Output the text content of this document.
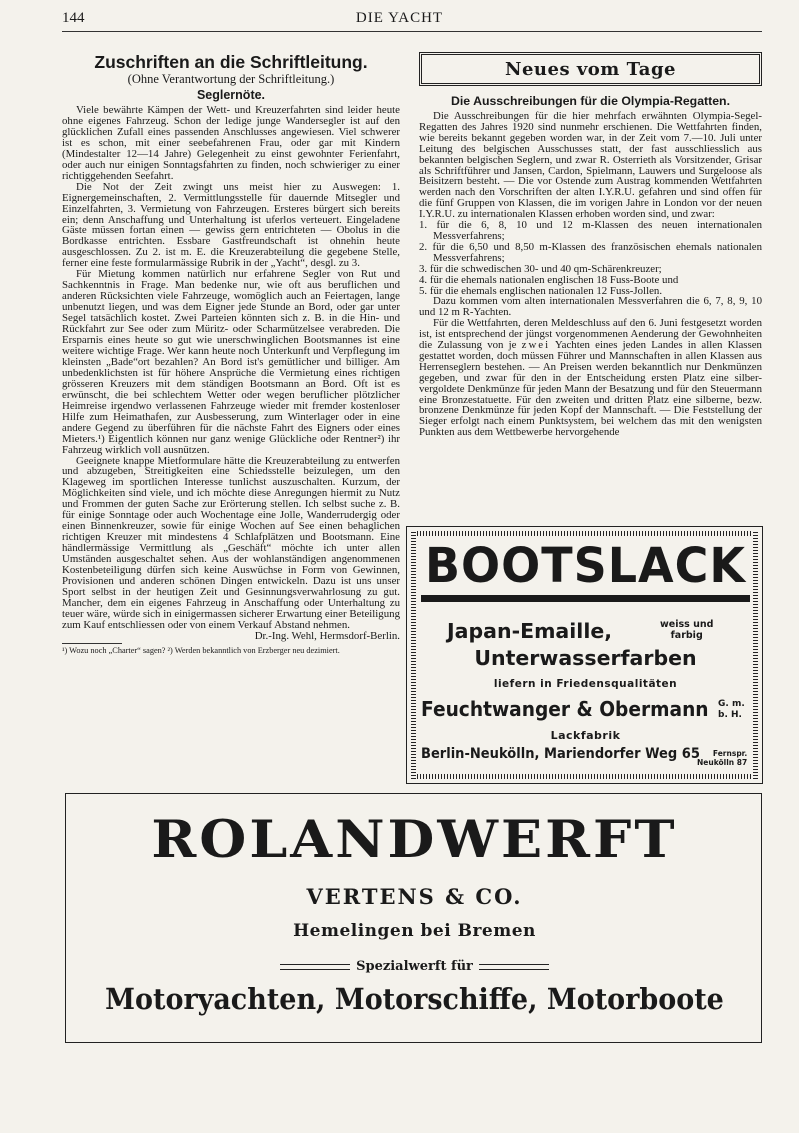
144	DIE YACHT
Zuschriften an die Schriftleitung.
(Ohne Verantwortung der Schriftleitung.)
Seglernöte.

Viele bewährte Kämpen der Wett- und Kreuzerfahrten sind leider heute ohne eigenes Fahrzeug. Schon der ledige junge Wandersegler ist auf den glücklichen Zufall eines passenden Anschlusses angewiesen. Viel schwerer ist es schon, mit einer seebefahrenen Frau, oder gar mit Kindern (Mindestalter 12—14 Jahre) Gelegenheit zu einst gewohnter Ferienfahrt, oder auch nur einigen Sonntagsfahrten zu finden, noch schwieriger zu einer richtiggehenden Seefahrt.

Die Not der Zeit zwingt uns meist hier zu Auswegen: 1. Eignergemeinschaften, 2. Vermittlungsstelle für dauernde Mitsegler und Einzelfahrten, 3. Vermietung von Fahrzeugen. Ersteres bürgert sich bereits ein; denn Anschaffung und Unterhaltung ist uferlos verteuert. Eingeladene Gäste müssen fortan einen — gewiss gern entrichteten — Obolus in die Bordkasse entrichten. Essbare Gastfreundschaft ist ohnehin heute ausgeschlossen. Zu 2. ist m. E. die Kreuzerabteilung die gegebene Stelle, ferner eine feste formularmässige Rubrik in der „Yacht“, desgl. zu 3.

Für Mietung kommen natürlich nur erfahrene Segler von Rut und Sachkenntnis in Frage. Man bedenke nur, wie oft aus beruflichen und anderen Rücksichten viele Fahrzeuge, womöglich auch an Feiertagen, lange unbenutzt liegen, und was dem Eigner jede Stunde an Bord, oder gar unter Segel tatsächlich kostet. Zwei Parteien könnten sich z. B. in die Hin- und Rückfahrt zur See oder zum Müritz- oder Scharmützelsee verabreden. Die Ersparnis eines heute so gut wie unerschwinglichen Bootsmannes ist eine weitere wichtige Frage. Wer kann heute noch Unterkunft und Verpflegung im kleinsten „Bade“ort bezahlen? An Bord ist's gemütlicher und billiger. Am unbedenklichsten ist für höhere Ansprüche die Vermietung eines richtigen grösseren Kreuzers mit dem ständigen Bootsmann an Bord. Oft ist es erwünscht, die bei schlechtem Wetter oder wegen beruflicher plötzlicher Heimreise irgendwo verlassenen Fahrzeuge wieder mit fremder kostenloser Hilfe zum Heimathafen, zur Ausbesserung, zum Winterlager oder in eine andere Gegend zu überführen für die nächste Fahrt des Eigners oder eines Mieters.¹) Eigentlich können nur ganz wenige Glückliche oder Rentner²) ihr Fahrzeug wirklich voll ausnützen.

Geeignete knappe Mietformulare hätte die Kreuzerabteilung zu entwerfen und abzugeben, Streitigkeiten eine Schiedsstelle beizulegen, um den Klageweg im sportlichen Interesse tunlichst auszuschalten. Kurzum, der Möglichkeiten sind viele, und ich möchte diese Anregungen hiermit zu Nutz und Frommen der guten Sache zur Erörterung stellen. Ich selbst suche z. B. für einige Sonntage oder auch Wochentage eine Jolle, Wanderrudergig oder einen Binnenkreuzer, sowie für einige Wochen auf See einen behaglichen richtigen Kreuzer mit mindestens 4 Schlafplätzen und Bootsmann. Eine händlermässige Vermittlung als „Geschäft“ möchte ich unter allen Umständen ausgeschaltet sehen. Aus der wohlanständigen angenommenen Kostenbeteiligung dürfen sich keine Auswüchse in Form von Gewinnen, Provisionen und anderen schönen Dingen entwickeln. Dazu ist uns unser Sport selbst in der heutigen Zeit und Gesinnungsverwahrlosung zu gut. Mancher, dem ein eigenes Fahrzeug in Anschaffung oder Unterhaltung zu teuer wäre, würde sich in einigermassen sicherer Erwartung einer Beteiligung zum Kauf entschliessen oder von einem Verkauf Abstand nehmen.

Dr.-Ing. Wehl, Hermsdorf-Berlin.
¹) Wozu noch „Charter“ sagen? ²) Werden bekanntlich von Erzberger neu dezimiert.
Neues vom Tage
Die Ausschreibungen für die Olympia-Regatten.

Die Ausschreibungen für die hier mehrfach erwähnten Olympia-Segel-Regatten des Jahres 1920 sind nunmehr erschienen. Die Wettfahrten finden, wie bereits bekannt gegeben worden war, in der Zeit vom 7.—10. Juli unter Leitung des belgischen Ausschusses statt, der fast ausschliesslich aus bekannten belgischen Seglern, und zwar R. Osterrieth als Vorsitzender, Grisar als Schriftführer und Jansen, Cardon, Spielmann, Lauwers und Surgeloose als Beisitzern besteht. — Die vor Ostende zum Austrag kommenden Wettfahrten werden nach den Vorschriften der alten I.Y.R.U. gefahren und sind offen für die fünf Gruppen von Klassen, die im vorigen Jahre in London vor der neuen I.Y.R.U. zu internationalen Klassen erhoben worden sind, und zwar:

1. für die 6, 8, 10 und 12 m-Klassen des neuen internationalen Messverfahrens;
2. für die 6,50 und 8,50 m-Klassen des französischen ehemals nationalen Messverfahrens;
3. für die schwedischen 30- und 40 qm-Schärenkreuzer;
4. für die ehemals nationalen englischen 18 Fuss-Boote und
5. für die ehemals englischen nationalen 12 Fuss-Jollen.

Dazu kommen vom alten internationalen Messverfahren die 6, 7, 8, 9, 10 und 12 m R-Yachten.

Für die Wettfahrten, deren Meldeschluss auf den 6. Juni festgesetzt worden ist, ist entsprechend der jüngst vorgenommenen Aenderung der Gewohnheiten die Zulassung von je zwei Yachten eines jeden Landes in allen Klassen gestattet worden, doch müssen Führer und Mannschaften in allen Klassen aus Herrenseglern bestehen. — An Preisen werden bekanntlich nur Denkmünzen gegeben, und zwar für den in der Entscheidung ersten Platz eine silber-vergoldete Denkmünze für jeden Mann der Besatzung und für den Steuermann eine Bronzestatuette. Für den zweiten und dritten Platz eine silberne, bezw. bronzene Denkmünze für jeden Kopf der Mannschaft. — Die Feststellung der Sieger erfolgt nach einem Punktsystem, bei welchem das mit den wenigsten Punkten aus dem Wettbewerbe hervorgehende

BOOTSLACK
Japan-Emaille,	weiss und
farbig
Unterwasserfarben
liefern in Friedensqualitäten
Feuchtwanger & Obermann G. m.
b. H.
Lackfabrik
Berlin-Neukölln, Mariendorfer Weg 65	Fernspr.
Neukölln 87
ROLANDWERFT
VERTENS & CO.
Hemelingen bei Bremen
Spezialwerft für
Motoryachten, Motorschiffe, Motorboote
